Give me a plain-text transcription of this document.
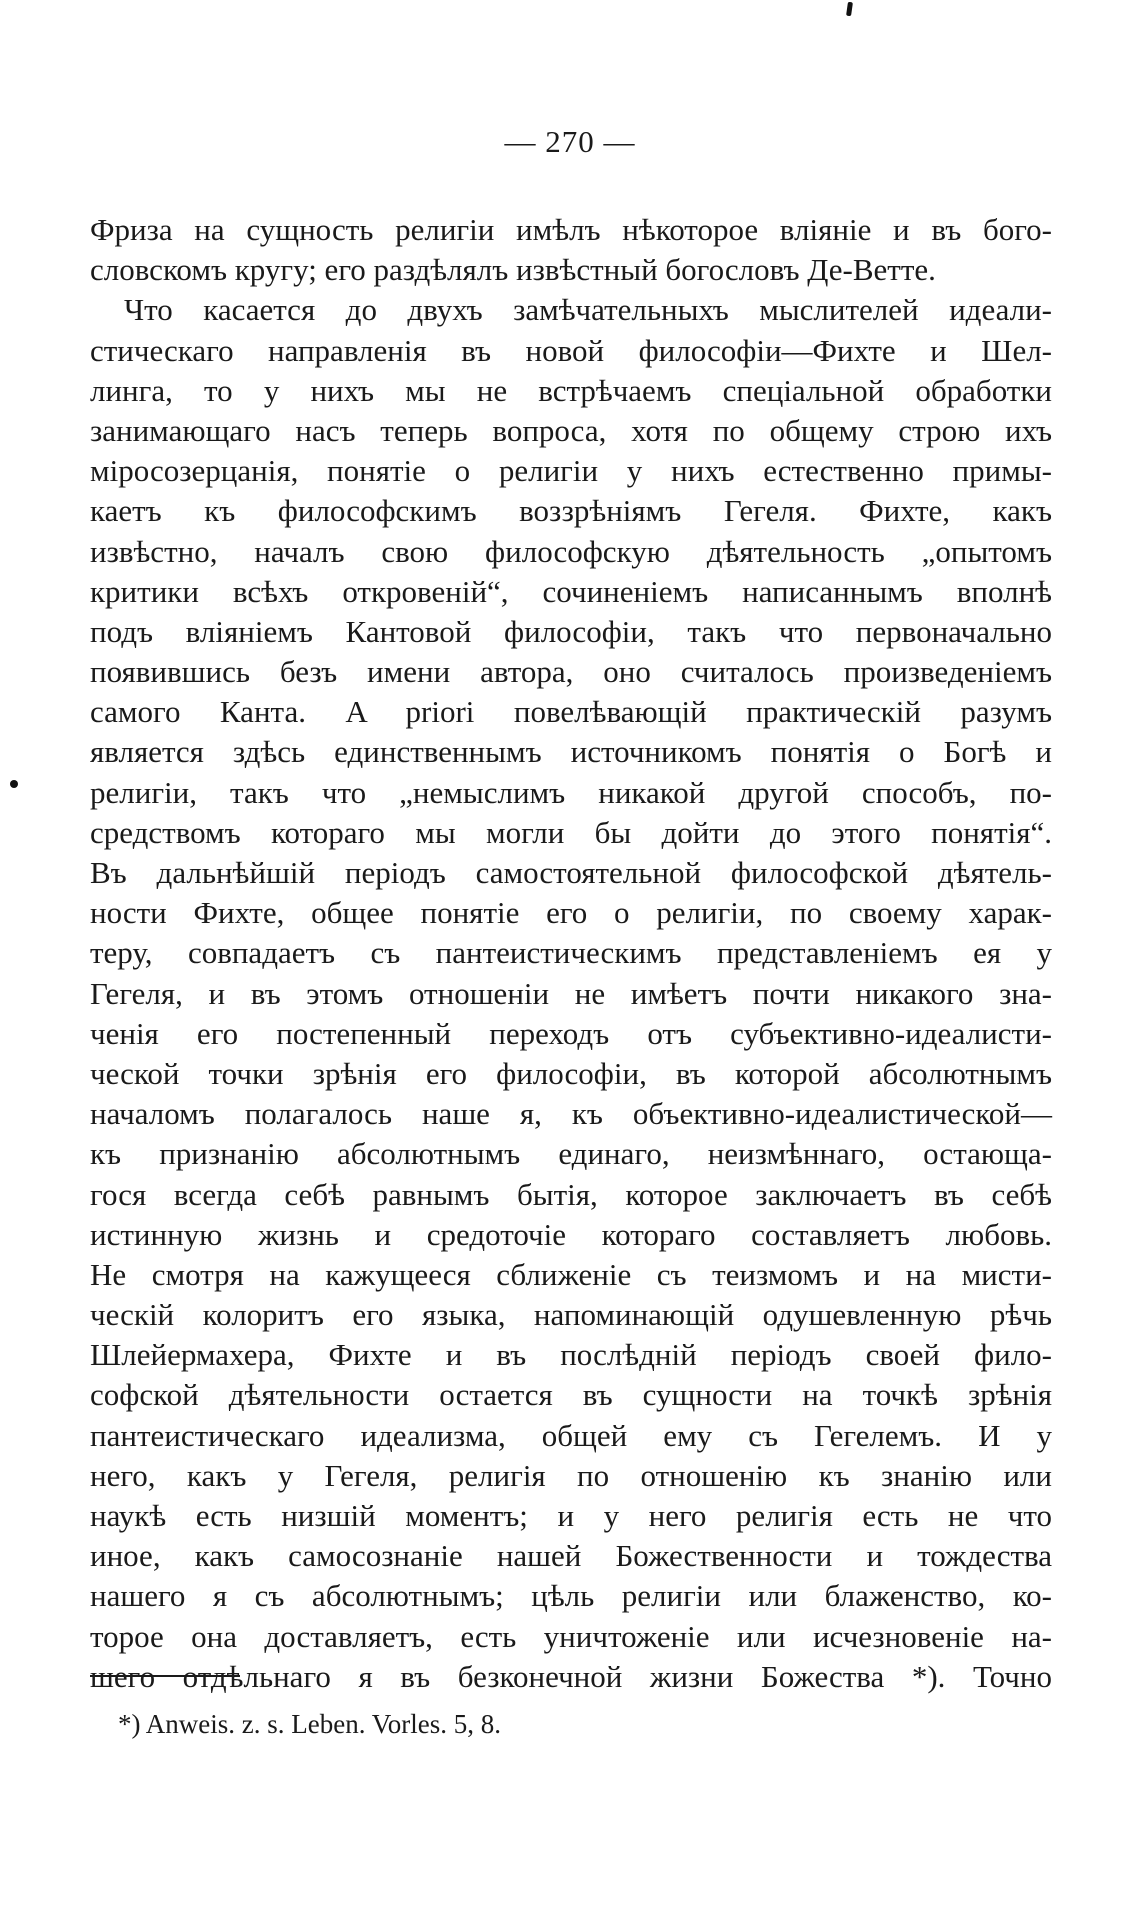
— 270 —
Фриза на сущность религіи имѣлъ нѣкоторое вліяніе и въ бого-
словскомъ кругу; его раздѣлялъ извѣстный богословъ Де-Ветте.
Что касается до двухъ замѣчательныхъ мыслителей идеали-
стическаго направленія въ новой философіи—Фихте и Шел-
линга, то у нихъ мы не встрѣчаемъ спеціальной обработки
занимающаго насъ теперь вопроса, хотя по общему строю ихъ
міросозерцанія, понятіе о религіи у нихъ естественно примы-
каетъ къ философскимъ воззрѣніямъ Гегеля. Фихте, какъ
извѣстно, началъ свою философскую дѣятельность „опытомъ
критики всѣхъ откровеній“, сочиненіемъ написаннымъ вполнѣ
подъ вліяніемъ Кантовой философіи, такъ что первоначально
появившись безъ имени автора, оно считалось произведеніемъ
самого Канта. A priori повелѣвающій практическій разумъ
является здѣсь единственнымъ источникомъ понятія о Богѣ и
религіи, такъ что „немыслимъ никакой другой способъ, по-
средствомъ котораго мы могли бы дойти до этого понятія“.
Въ дальнѣйшій періодъ самостоятельной философской дѣятель-
ности Фихте, общее понятіе его о религіи, по своему харак-
теру, совпадаетъ съ пантеистическимъ представленіемъ ея у
Гегеля, и въ этомъ отношеніи не имѣетъ почти никакого зна-
ченія его постепенный переходъ отъ субъективно-идеалисти-
ческой точки зрѣнія его философіи, въ которой абсолютнымъ
началомъ полагалось наше я, къ объективно-идеалистической—
къ признанію абсолютнымъ единаго, неизмѣннаго, остающа-
гося всегда себѣ равнымъ бытія, которое заключаетъ въ себѣ
истинную жизнь и средоточіе котораго составляетъ любовь.
Не смотря на кажущееся сближеніе съ теизмомъ и на мисти-
ческій колоритъ его языка, напоминающій одушевленную рѣчь
Шлейермахера, Фихте и въ послѣдній періодъ своей фило-
софской дѣятельности остается въ сущности на точкѣ зрѣнія
пантеистическаго идеализма, общей ему съ Гегелемъ. И у
него, какъ у Гегеля, религія по отношенію къ знанію или
наукѣ есть низшій моментъ; и у него религія есть не что
иное, какъ самосознаніе нашей Божественности и тождества
нашего я съ абсолютнымъ; цѣль религіи или блаженство, ко-
торое она доставляетъ, есть уничтоженіе или исчезновеніе на-
шего отдѣльнаго я въ безконечной жизни Божества *). Точно
*) Anweis. z. s. Leben. Vorles. 5, 8.
